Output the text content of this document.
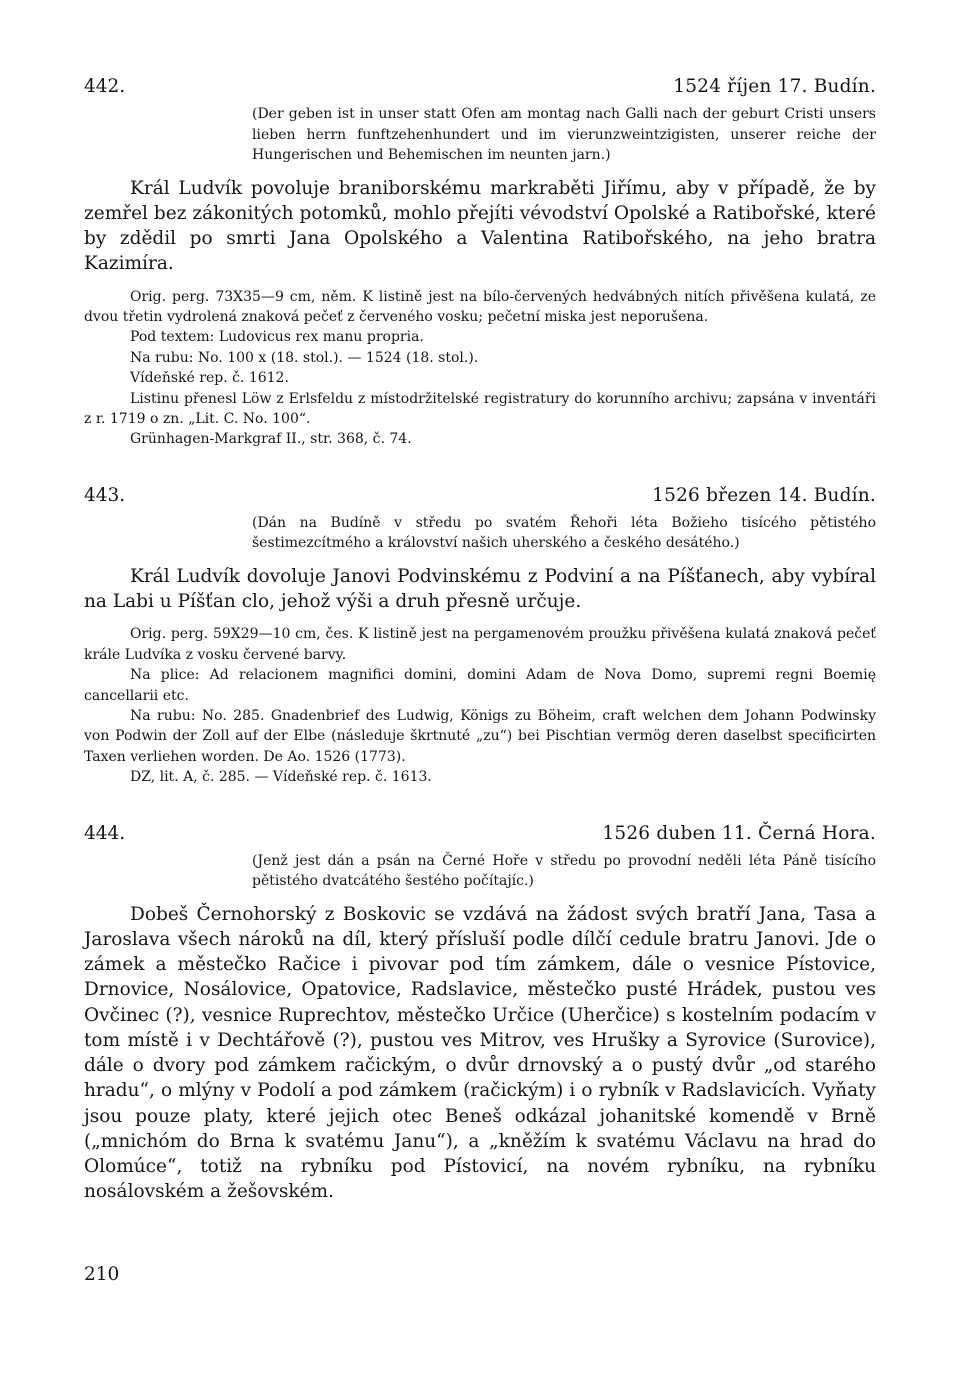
442.	1524 říjen 17. Budín.
(Der geben ist in unser statt Ofen am montag nach Galli nach der geburt Cristi unsers lieben herrn funftzehenhundert und im vierunzweintzigisten, unserer reiche der Hungerischen und Behemischen im neunten jarn.)
Král Ludvík povoluje braniborskému markraběti Jiřímu, aby v případě, že by zemřel bez zákonitých potomků, mohlo přejíti vévodství Opolské a Ratibořské, které by zdědil po smrti Jana Opolského a Valentina Ratibořského, na jeho bratra Kazimíra.

Orig. perg. 73X35—9 cm, něm. K listině jest na bílo-červených hedvábných nitích přivěšena kulatá, ze dvou třetin vydrolená znaková pečeť z červeného vosku; pečetní miska jest neporušena.

Pod textem: Ludovicus rex manu propria.

Na rubu: No. 100 x (18. stol.). — 1524 (18. stol.).

Vídeňské rep. č. 1612.

Listinu přenesl Löw z Erlsfeldu z místodržitelské registratury do korunního archivu; zapsána v inventáři z r. 1719 o zn. „Lit. C. No. 100“.

Grünhagen-Markgraf II., str. 368, č. 74.

443.	1526 březen 14. Budín.
(Dán na Budíně v středu po svatém Řehoři léta Božieho tisícého pětistého šestimezcítmého a království našich uherského a českého desátého.)
Král Ludvík dovoluje Janovi Podvinskému z Podviní a na Píšťanech, aby vybíral na Labi u Píšťan clo, jehož výši a druh přesně určuje.

Orig. perg. 59X29—10 cm, čes. K listině jest na pergamenovém proužku přivěšena kulatá znaková pečeť krále Ludvíka z vosku červené barvy.

Na plice: Ad relacionem magnifici domini, domini Adam de Nova Domo, supremi regni Boemię cancellarii etc.

Na rubu: No. 285. Gnadenbrief des Ludwig, Königs zu Böheim, craft welchen dem Johann Podwinsky von Podwin der Zoll auf der Elbe (následuje škrtnuté „zu“) bei Pischtian vermög deren daselbst specificirten Taxen verliehen worden. De Ao. 1526 (1773).

DZ, lit. A, č. 285. — Vídeňské rep. č. 1613.

444.	1526 duben 11. Černá Hora.
(Jenž jest dán a psán na Černé Hoře v středu po provodní neděli léta Páně tisícího pětistého dvatcátého šestého počítajíc.)
Dobeš Černohorský z Boskovic se vzdává na žádost svých bratří Jana, Tasa a Jaroslava všech nároků na díl, který přísluší podle dílčí cedule bratru Janovi. Jde o zámek a městečko Račice i pivovar pod tím zámkem, dále o vesnice Pístovice, Drnovice, Nosálovice, Opatovice, Radslavice, městečko pusté Hrádek, pustou ves Ovčinec (?), vesnice Ruprechtov, městečko Určice (Uherčice) s kostelním podacím v tom místě i v Dechtářově (?), pustou ves Mitrov, ves Hrušky a Syrovice (Surovice), dále o dvory pod zámkem račickým, o dvůr drnovský a o pustý dvůr „od starého hradu“, o mlýny v Podolí a pod zámkem (račickým) i o rybník v Radslavicích. Vyňaty jsou pouze platy, které jejich otec Beneš odkázal johanitské komendě v Brně („mnichóm do Brna k svatému Janu“), a „kněžím k svatému Václavu na hrad do Olomúce“, totiž na rybníku pod Pístovicí, na novém rybníku, na rybníku nosálovském a žešovském.
210
